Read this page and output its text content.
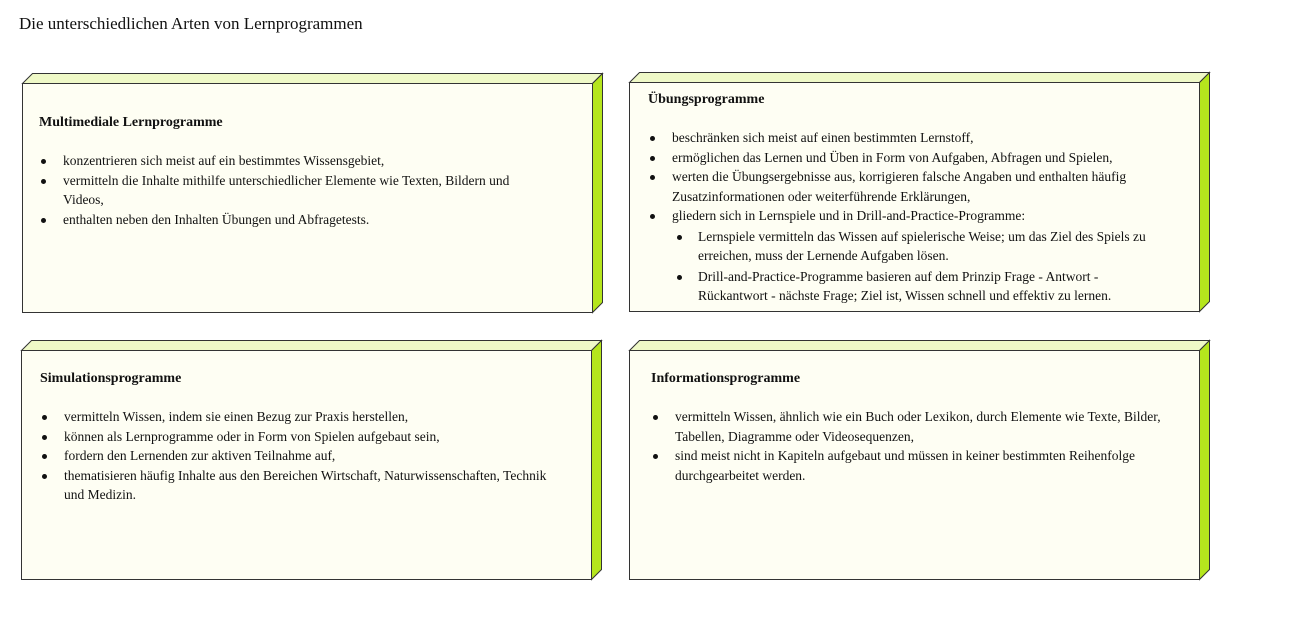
Die unterschiedlichen Arten von Lernprogrammen
Multimediale Lernprogramme
konzentrieren sich meist auf ein bestimmtes Wissensgebiet,
vermitteln die Inhalte mithilfe unterschiedlicher Elemente wie Texten, Bildern und Videos,
enthalten neben den Inhalten Übungen und Abfragetests.
Übungsprogramme
beschränken sich meist auf einen bestimmten Lernstoff,
ermöglichen das Lernen und Üben in Form von Aufgaben, Abfragen und Spielen,
werten die Übungsergebnisse aus, korrigieren falsche Angaben und enthalten häufig Zusatzinformationen oder weiterführende Erklärungen,
gliedern sich in Lernspiele und in Drill-and-Practice-Programme:
Lernspiele vermitteln das Wissen auf spielerische Weise; um das Ziel des Spiels zu erreichen, muss der Lernende Aufgaben lösen.
Drill-and-Practice-Programme basieren auf dem Prinzip Frage - Antwort - Rückantwort - nächste Frage; Ziel ist, Wissen schnell und effektiv zu lernen.
Simulationsprogramme
vermitteln Wissen, indem sie einen Bezug zur Praxis herstellen,
können als Lernprogramme oder in Form von Spielen aufgebaut sein,
fordern den Lernenden zur aktiven Teilnahme auf,
thematisieren häufig Inhalte aus den Bereichen Wirtschaft, Naturwissenschaften, Technik und Medizin.
Informationsprogramme
vermitteln Wissen, ähnlich wie ein Buch oder Lexikon, durch Elemente wie Texte, Bilder, Tabellen, Diagramme oder Videosequenzen,
sind meist nicht in Kapiteln aufgebaut und müssen in keiner bestimmten Reihenfolge durchgearbeitet werden.
